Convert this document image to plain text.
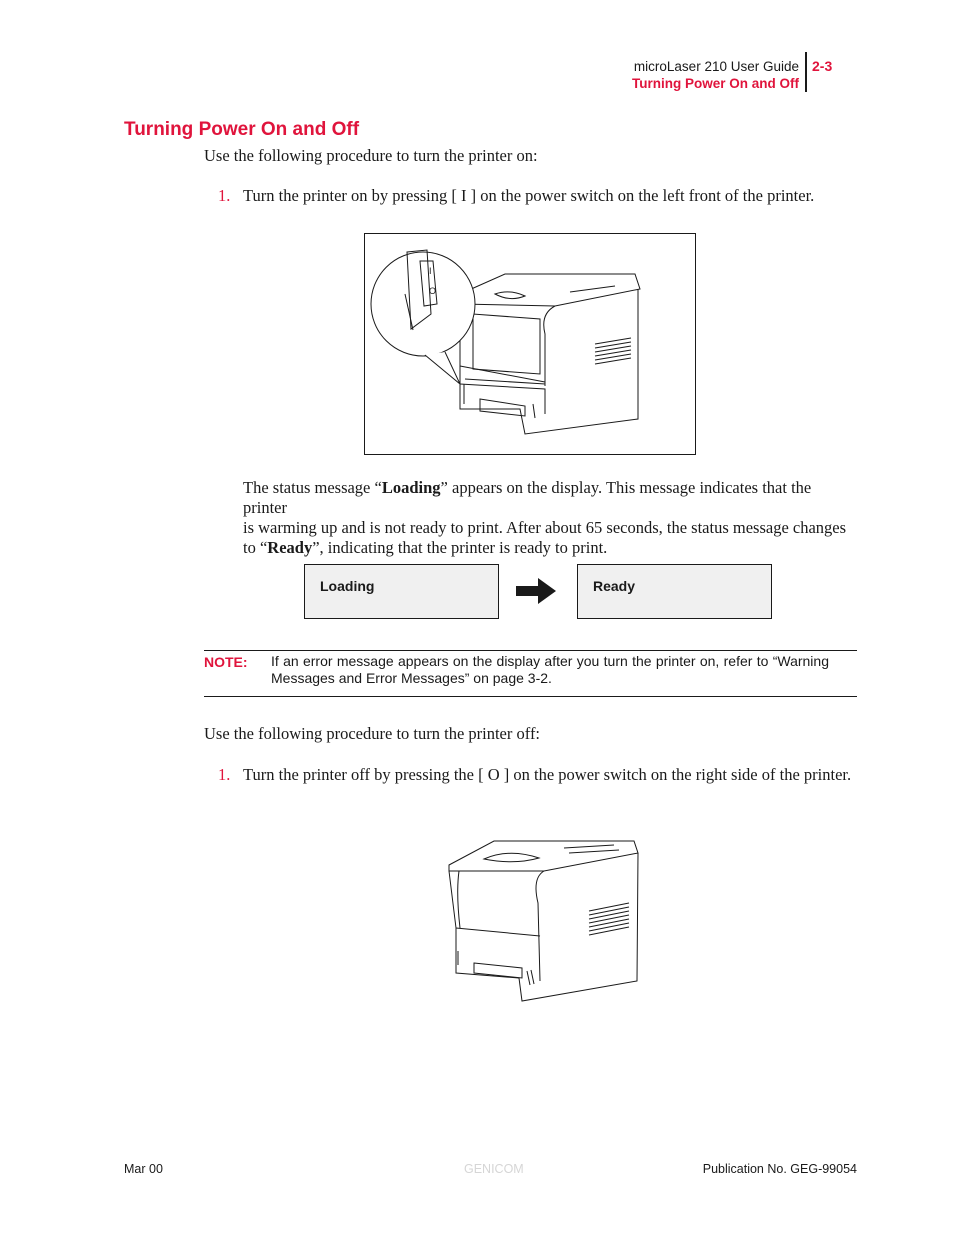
microLaser 210 User Guide
Turning Power On and Off
2-3
Turning Power On and Off
Use the following procedure to turn the printer on:
1. Turn the printer on by pressing [ I ] on the power switch on the left front of the printer.
I
O
The status message “Loading” appears on the display. This message indicates that the printer
is warming up and is not ready to print. After about 65 seconds, the status message changes
to “Ready”, indicating that the printer is ready to print.
Loading	Ready
NOTE: If an error message appears on the display after you turn the printer on, refer to “Warning Messages and Error Messages” on page 3-2.
Use the following procedure to turn the printer off:
1. Turn the printer off by pressing the [ O ] on the power switch on the right side of the printer.
Mar 00	GENICOM	Publication No. GEG-99054
